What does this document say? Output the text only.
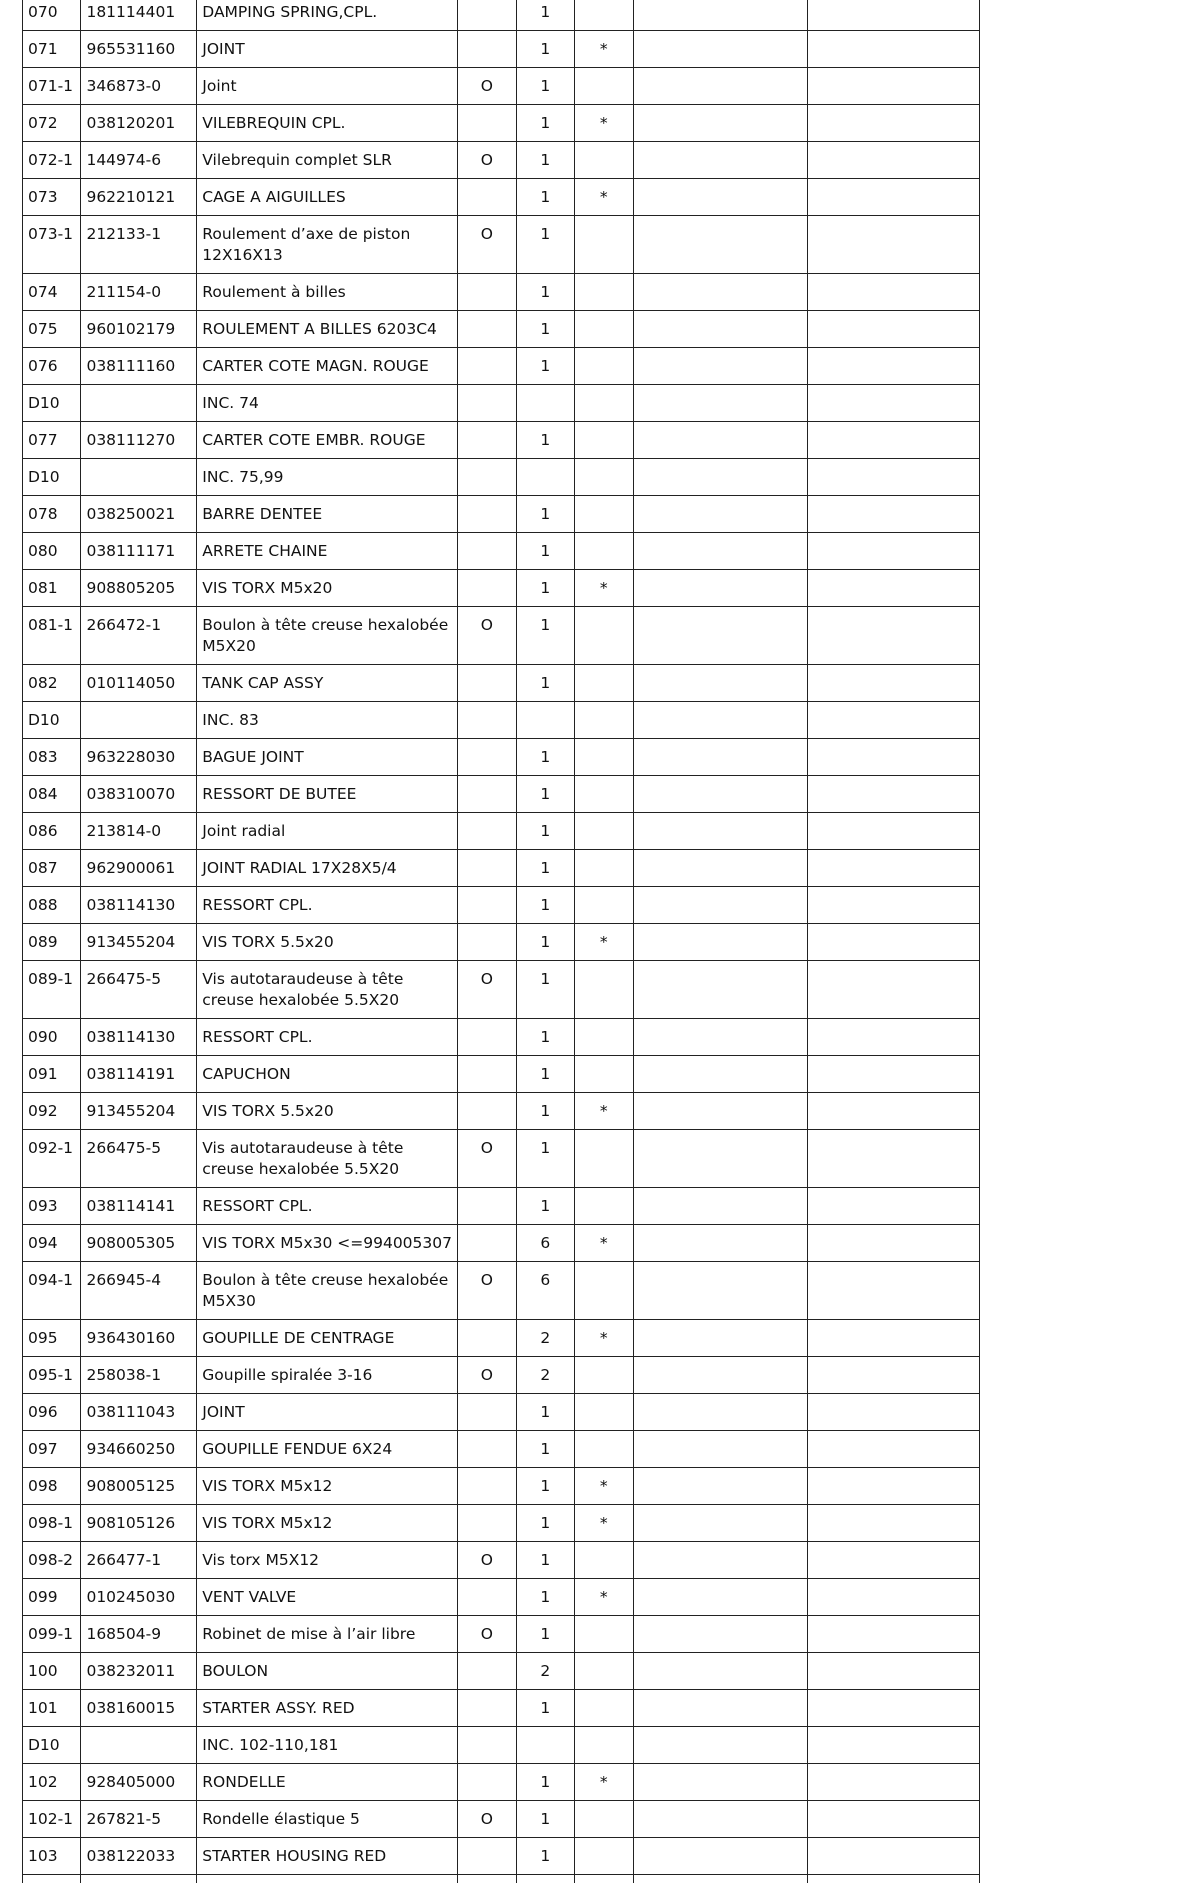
070	181114401	DAMPING SPRING,CPL.		1			
071	965531160	JOINT		1	*		
071-1	346873-0	Joint	O	1			
072	038120201	VILEBREQUIN CPL.		1	*		
072-1	144974-6	Vilebrequin complet SLR	O	1			
073	962210121	CAGE A AIGUILLES		1	*		
073-1	212133-1	Roulement d’axe de piston 12X16X13	O	1			
074	211154-0	Roulement à billes		1			
075	960102179	ROULEMENT A BILLES 6203C4		1			
076	038111160	CARTER COTE MAGN. ROUGE		1			
D10		INC. 74					
077	038111270	CARTER COTE EMBR. ROUGE		1			
D10		INC. 75,99					
078	038250021	BARRE DENTEE		1			
080	038111171	ARRETE CHAINE		1			
081	908805205	VIS TORX M5x20		1	*		
081-1	266472-1	Boulon à tête creuse hexalobée M5X20	O	1			
082	010114050	TANK CAP ASSY		1			
D10		INC. 83					
083	963228030	BAGUE JOINT		1			
084	038310070	RESSORT DE BUTEE		1			
086	213814-0	Joint radial		1			
087	962900061	JOINT RADIAL 17X28X5/4		1			
088	038114130	RESSORT CPL.		1			
089	913455204	VIS TORX 5.5x20		1	*		
089-1	266475-5	Vis autotaraudeuse à tête creuse hexalobée 5.5X20	O	1			
090	038114130	RESSORT CPL.		1			
091	038114191	CAPUCHON		1			
092	913455204	VIS TORX 5.5x20		1	*		
092-1	266475-5	Vis autotaraudeuse à tête creuse hexalobée 5.5X20	O	1			
093	038114141	RESSORT CPL.		1			
094	908005305	VIS TORX M5x30 <=994005307		6	*		
094-1	266945-4	Boulon à tête creuse hexalobée M5X30	O	6			
095	936430160	GOUPILLE DE CENTRAGE		2	*		
095-1	258038-1	Goupille spiralée 3-16	O	2			
096	038111043	JOINT		1			
097	934660250	GOUPILLE FENDUE 6X24		1			
098	908005125	VIS TORX M5x12		1	*		
098-1	908105126	VIS TORX M5x12		1	*		
098-2	266477-1	Vis torx M5X12	O	1			
099	010245030	VENT VALVE		1	*		
099-1	168504-9	Robinet de mise à l’air libre	O	1			
100	038232011	BOULON		2			
101	038160015	STARTER ASSY. RED		1			
D10		INC. 102-110,181					
102	928405000	RONDELLE		1	*		
102-1	267821-5	Rondelle élastique 5	O	1			
103	038122033	STARTER HOUSING RED		1			
